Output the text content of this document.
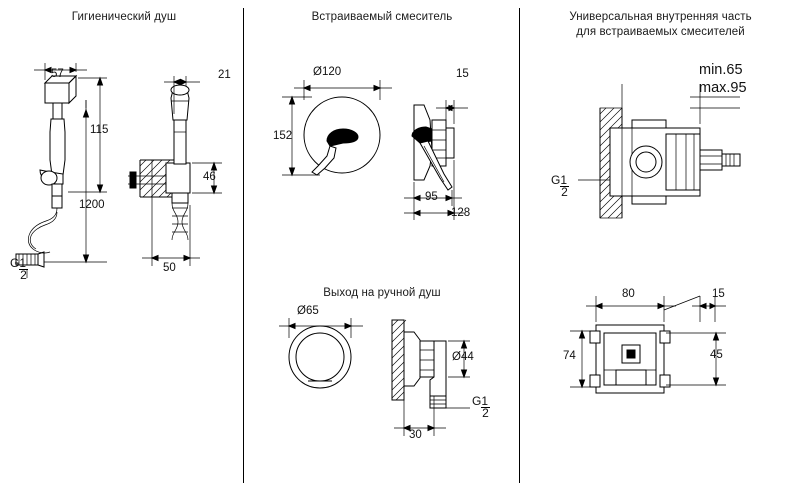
Гигиенический душ	Встраиваемый смеситель
Выход на ручной душ
Универсальная внутренняя часть
для встраиваемых смесителей
57
115
1200
21
46
50
$\frac{G1}{2}$
Ø120
152
15
95
128
Ø65
Ø44
30
$\frac{G1}{2}$
min.65
max.95
80	15
74	45
$\frac{G1}{2}$
